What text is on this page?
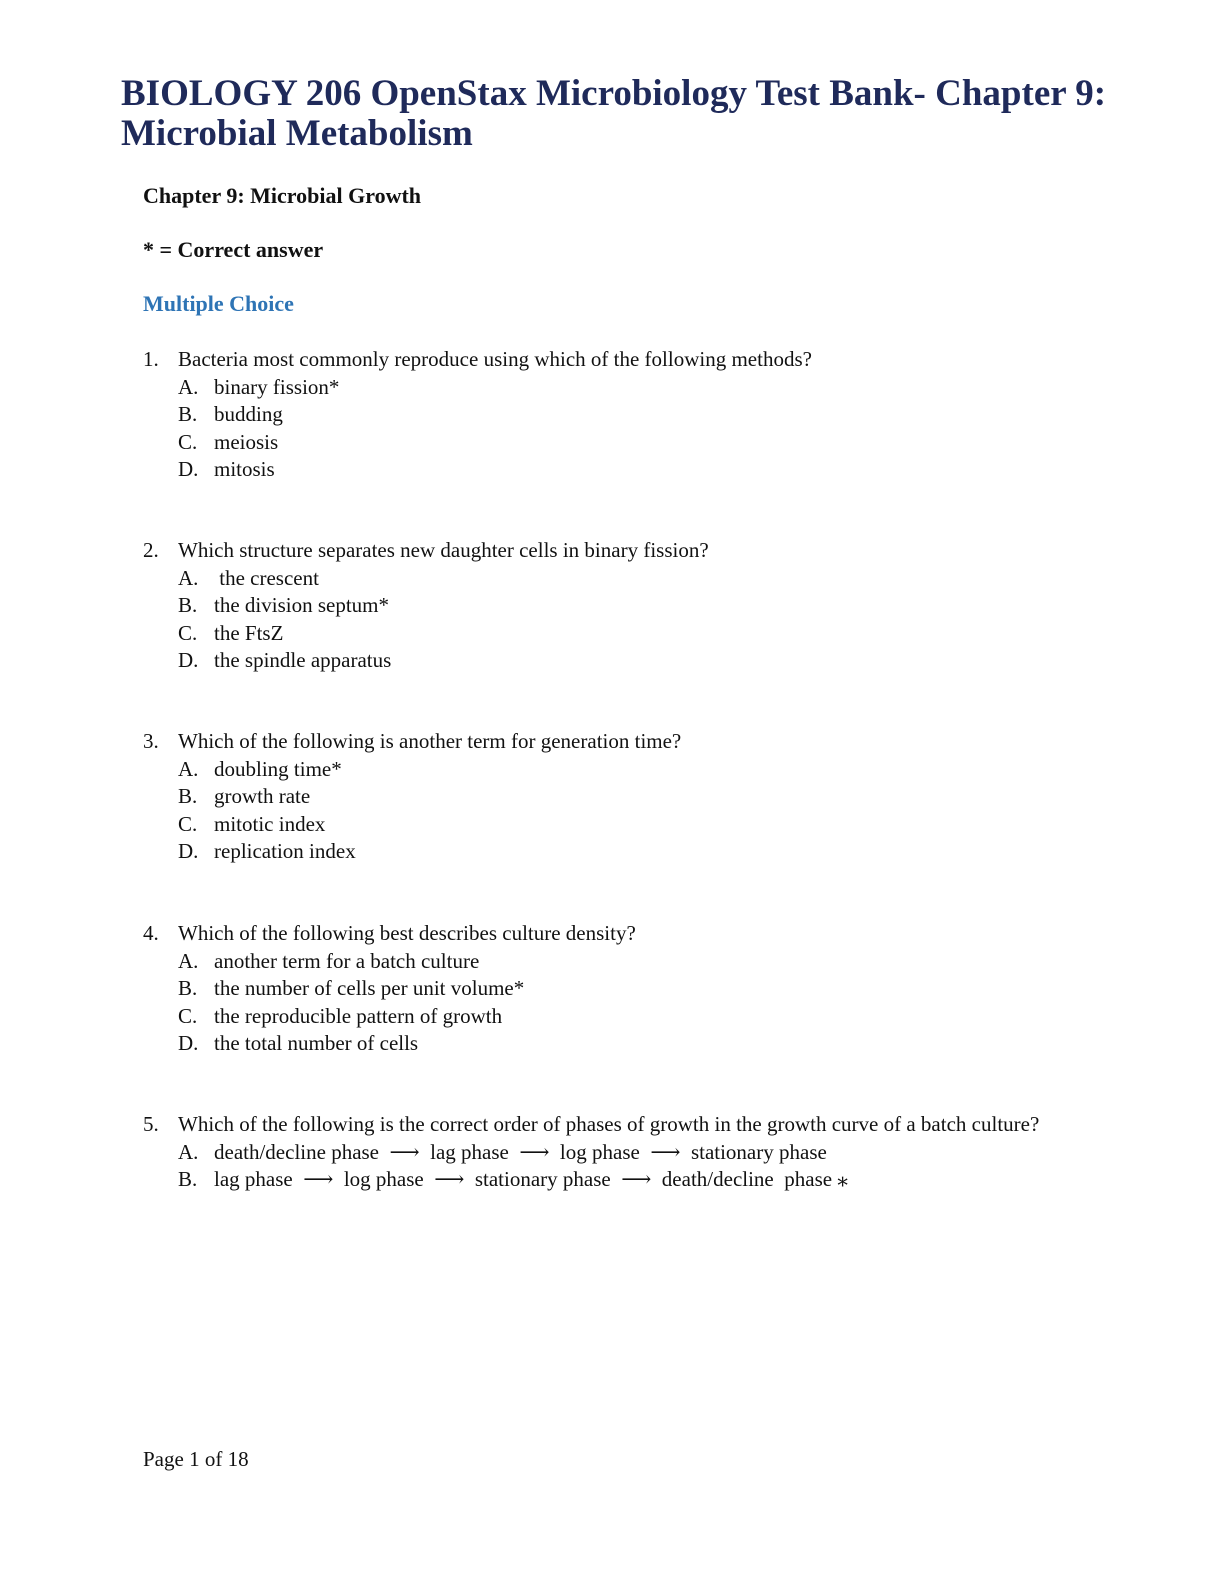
BIOLOGY 206 OpenStax Microbiology Test Bank- Chapter 9: Microbial Metabolism

Chapter 9: Microbial Growth

* = Correct answer

Multiple Choice

1. Bacteria most commonly reproduce using which of the following methods?
A. binary fission*
B. budding
C. meiosis
D. mitosis
2. Which structure separates new daughter cells in binary fission?
A. the crescent
B. the division septum*
C. the FtsZ
D. the spindle apparatus
3. Which of the following is another term for generation time?
A. doubling time*
B. growth rate
C. mitotic index
D. replication index
4. Which of the following best describes culture density?
A. another term for a batch culture
B. the number of cells per unit volume*
C. the reproducible pattern of growth
D. the total number of cells
5. Which of the following is the correct order of phases of growth in the growth curve of a batch culture?
A. death/decline phase  ⟶  lag phase  ⟶  log phase  ⟶  stationary phase
B. lag phase  ⟶  log phase  ⟶  stationary phase  ⟶  death/decline  phase ⁎

Page 1 of 18
